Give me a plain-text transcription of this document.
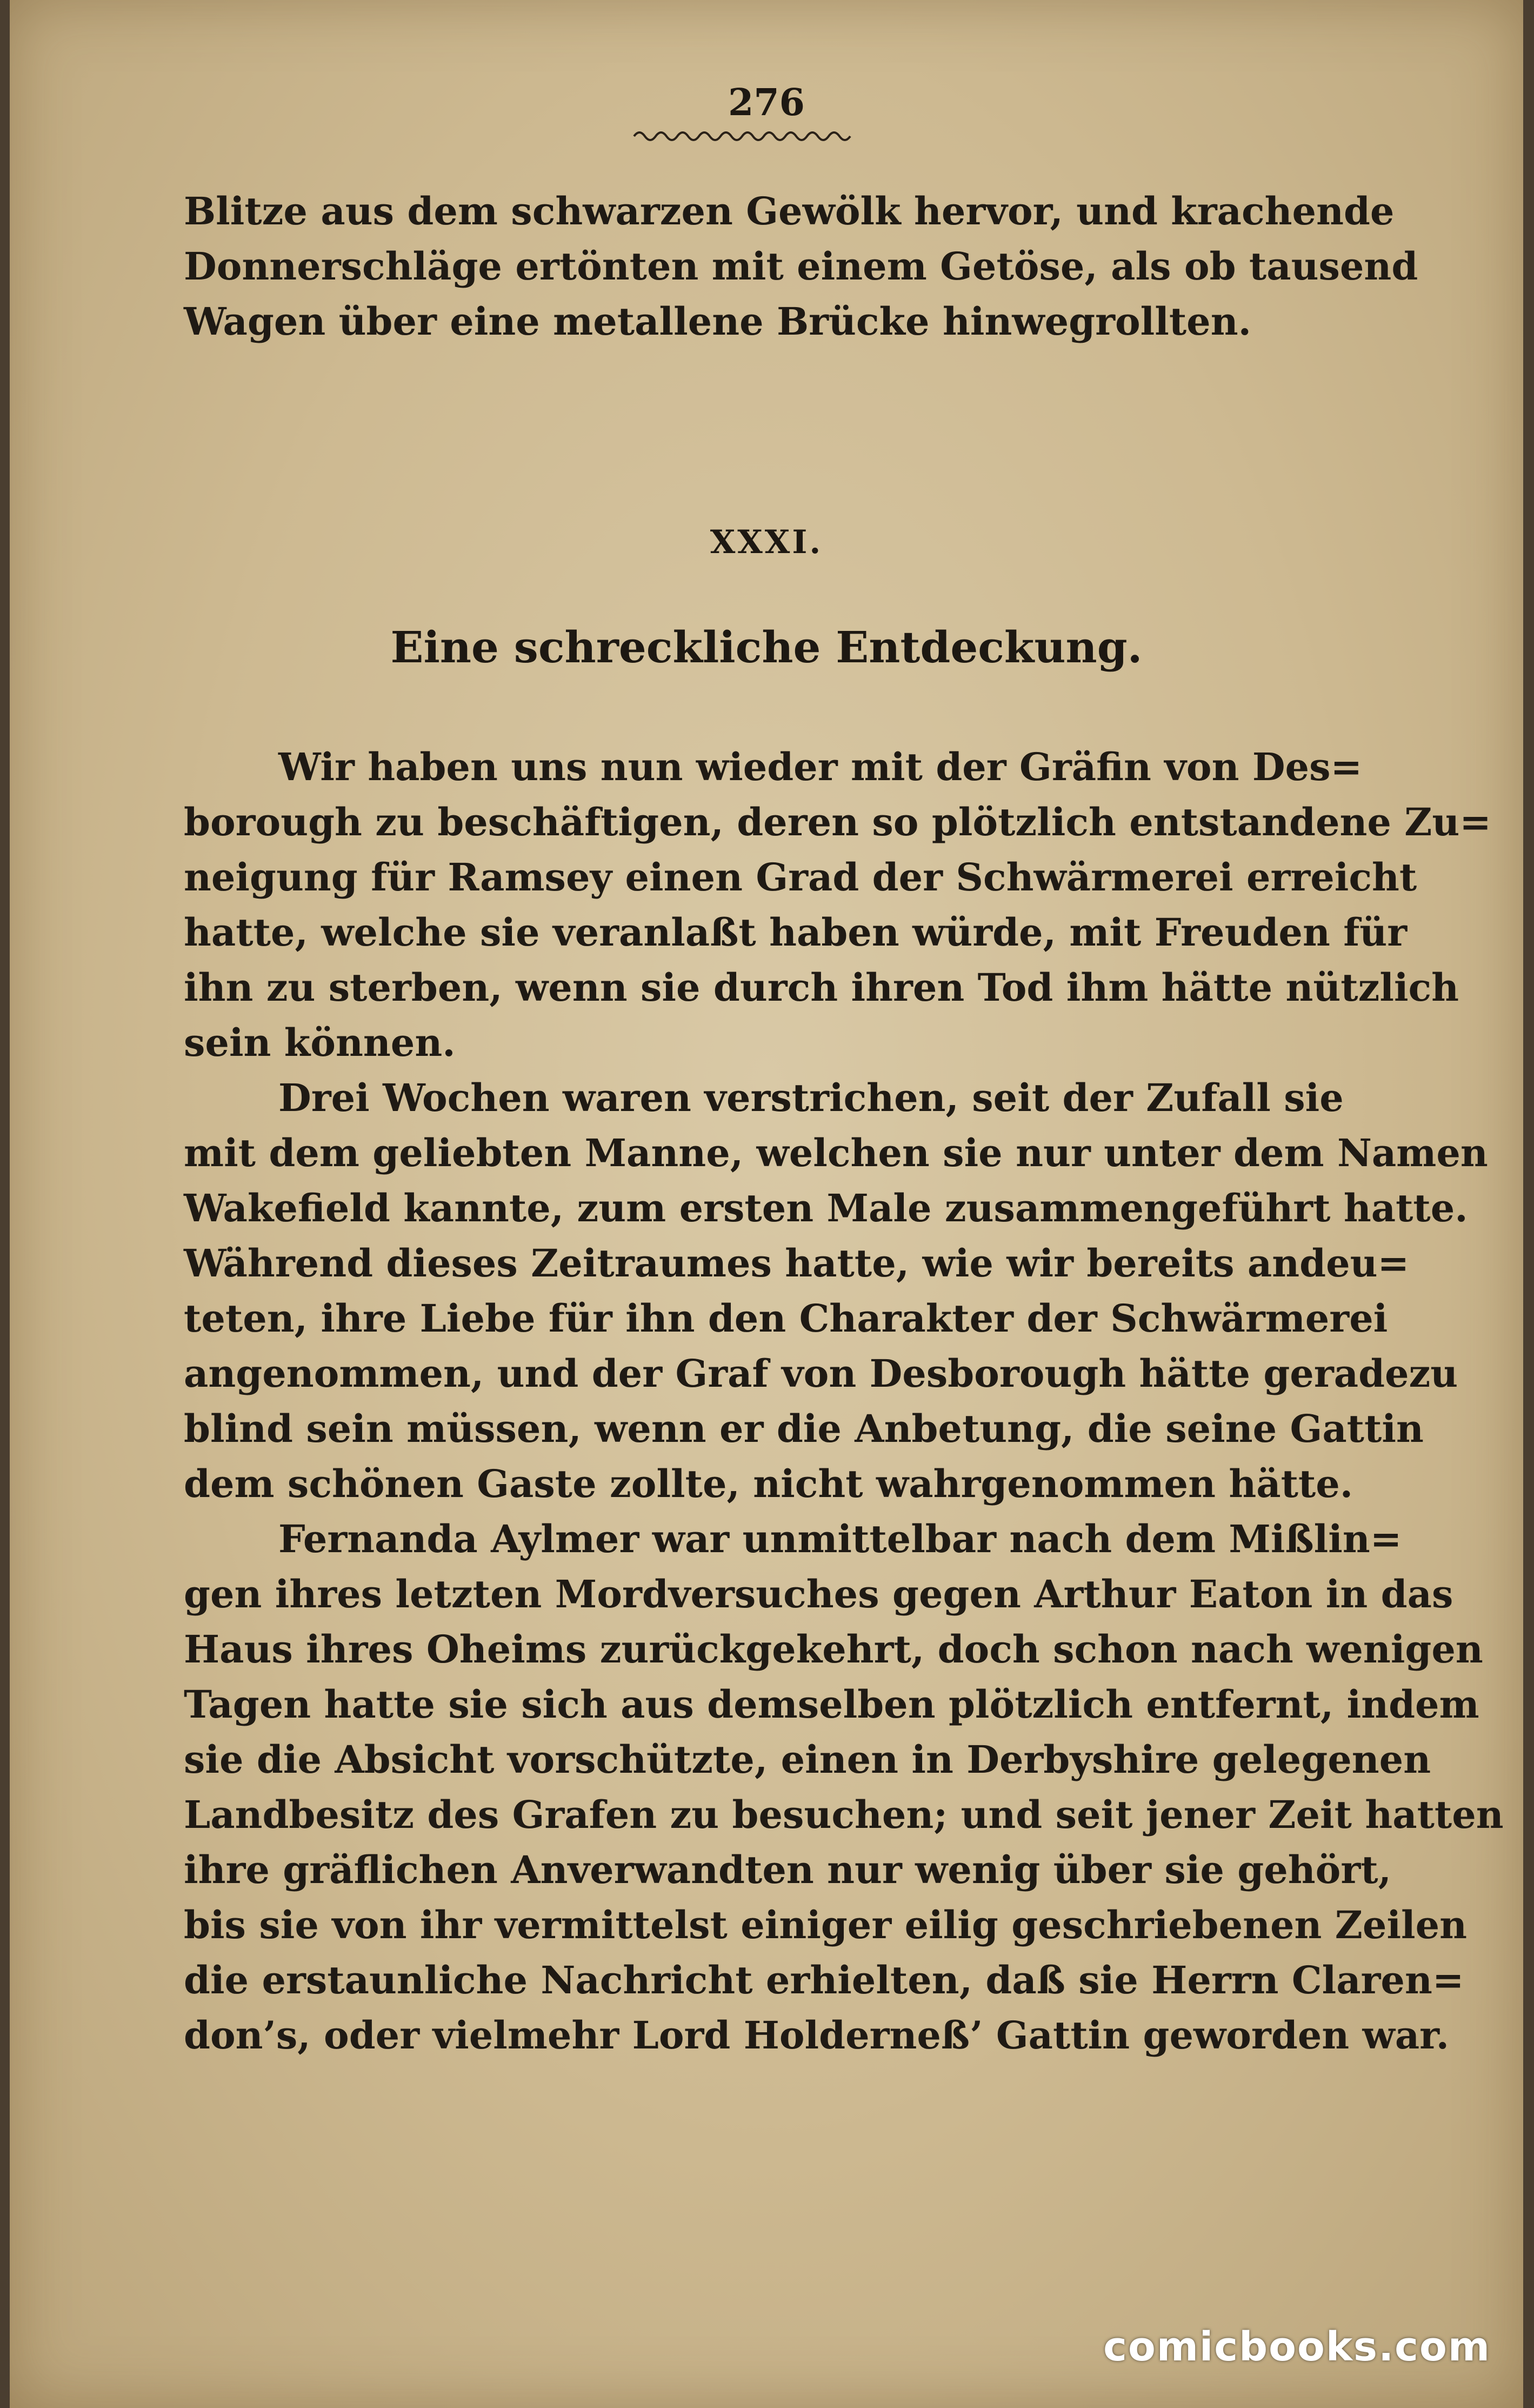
276
Blitze aus dem schwarzen Gewölk hervor, und krachende
Donnerschläge ertönten mit einem Getöse, als ob tausend
Wagen über eine metallene Brücke hinwegrollten.
XXXI.
Eine schreckliche Entdeckung.
Wir haben uns nun wieder mit der Gräfin von Des=
borough zu beschäftigen, deren so plötzlich entstandene Zu=
neigung für Ramsey einen Grad der Schwärmerei erreicht
hatte, welche sie veranlaßt haben würde, mit Freuden für
ihn zu sterben, wenn sie durch ihren Tod ihm hätte nützlich
sein können.
Drei Wochen waren verstrichen, seit der Zufall sie
mit dem geliebten Manne, welchen sie nur unter dem Namen
Wakefield kannte, zum ersten Male zusammengeführt hatte.
Während dieses Zeitraumes hatte, wie wir bereits andeu=
teten, ihre Liebe für ihn den Charakter der Schwärmerei
angenommen, und der Graf von Desborough hätte geradezu
blind sein müssen, wenn er die Anbetung, die seine Gattin
dem schönen Gaste zollte, nicht wahrgenommen hätte.
Fernanda Aylmer war unmittelbar nach dem Mißlin=
gen ihres letzten Mordversuches gegen Arthur Eaton in das
Haus ihres Oheims zurückgekehrt, doch schon nach wenigen
Tagen hatte sie sich aus demselben plötzlich entfernt, indem
sie die Absicht vorschützte, einen in Derbyshire gelegenen
Landbesitz des Grafen zu besuchen; und seit jener Zeit hatten
ihre gräflichen Anverwandten nur wenig über sie gehört,
bis sie von ihr vermittelst einiger eilig geschriebenen Zeilen
die erstaunliche Nachricht erhielten, daß sie Herrn Claren=
don’s, oder vielmehr Lord Holderneß’ Gattin geworden war.
comicbooks.com
